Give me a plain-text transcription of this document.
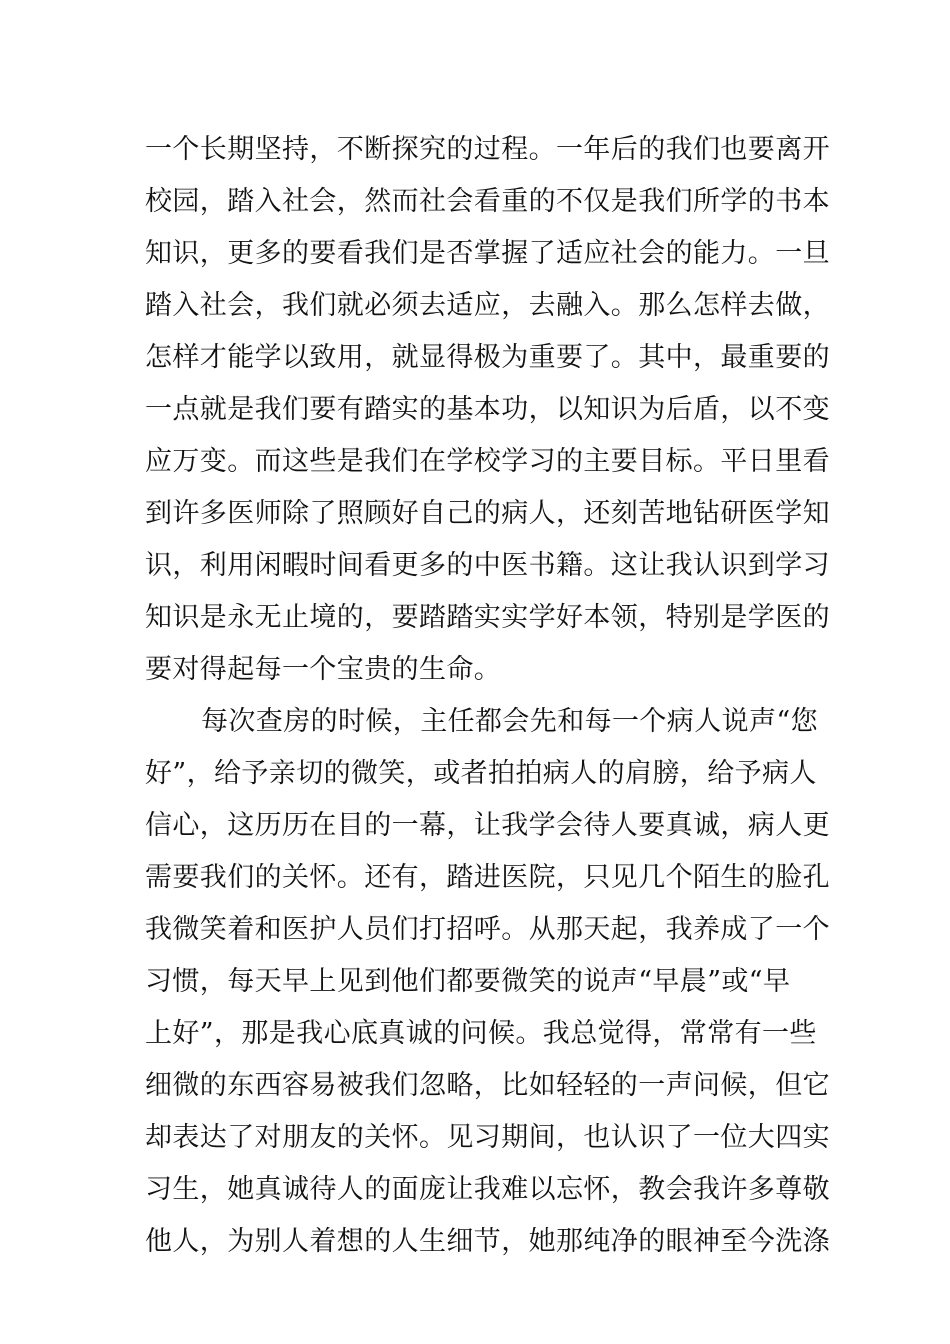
一个长期坚持，不断探究的过程。一年后的我们也要离开
校园，踏入社会，然而社会看重的不仅是我们所学的书本
知识，更多的要看我们是否掌握了适应社会的能力。一旦
踏入社会，我们就必须去适应，去融入。那么怎样去做，
怎样才能学以致用，就显得极为重要了。其中，最重要的
一点就是我们要有踏实的基本功，以知识为后盾，以不变
应万变。而这些是我们在学校学习的主要目标。平日里看
到许多医师除了照顾好自己的病人，还刻苦地钻研医学知
识，利用闲暇时间看更多的中医书籍。这让我认识到学习
知识是永无止境的，要踏踏实实学好本领，特别是学医的
要对得起每一个宝贵的生命。
每次查房的时候，主任都会先和每一个病人说声“您
好”，给予亲切的微笑，或者拍拍病人的肩膀，给予病人
信心，这历历在目的一幕，让我学会待人要真诚，病人更
需要我们的关怀。还有，踏进医院，只见几个陌生的脸孔
我微笑着和医护人员们打招呼。从那天起，我养成了一个
习惯，每天早上见到他们都要微笑的说声“早晨”或“早
上好”，那是我心底真诚的问候。我总觉得，常常有一些
细微的东西容易被我们忽略，比如轻轻的一声问候，但它
却表达了对朋友的关怀。见习期间，也认识了一位大四实
习生，她真诚待人的面庞让我难以忘怀，教会我许多尊敬
他人，为别人着想的人生细节，她那纯净的眼神至今洗涤
